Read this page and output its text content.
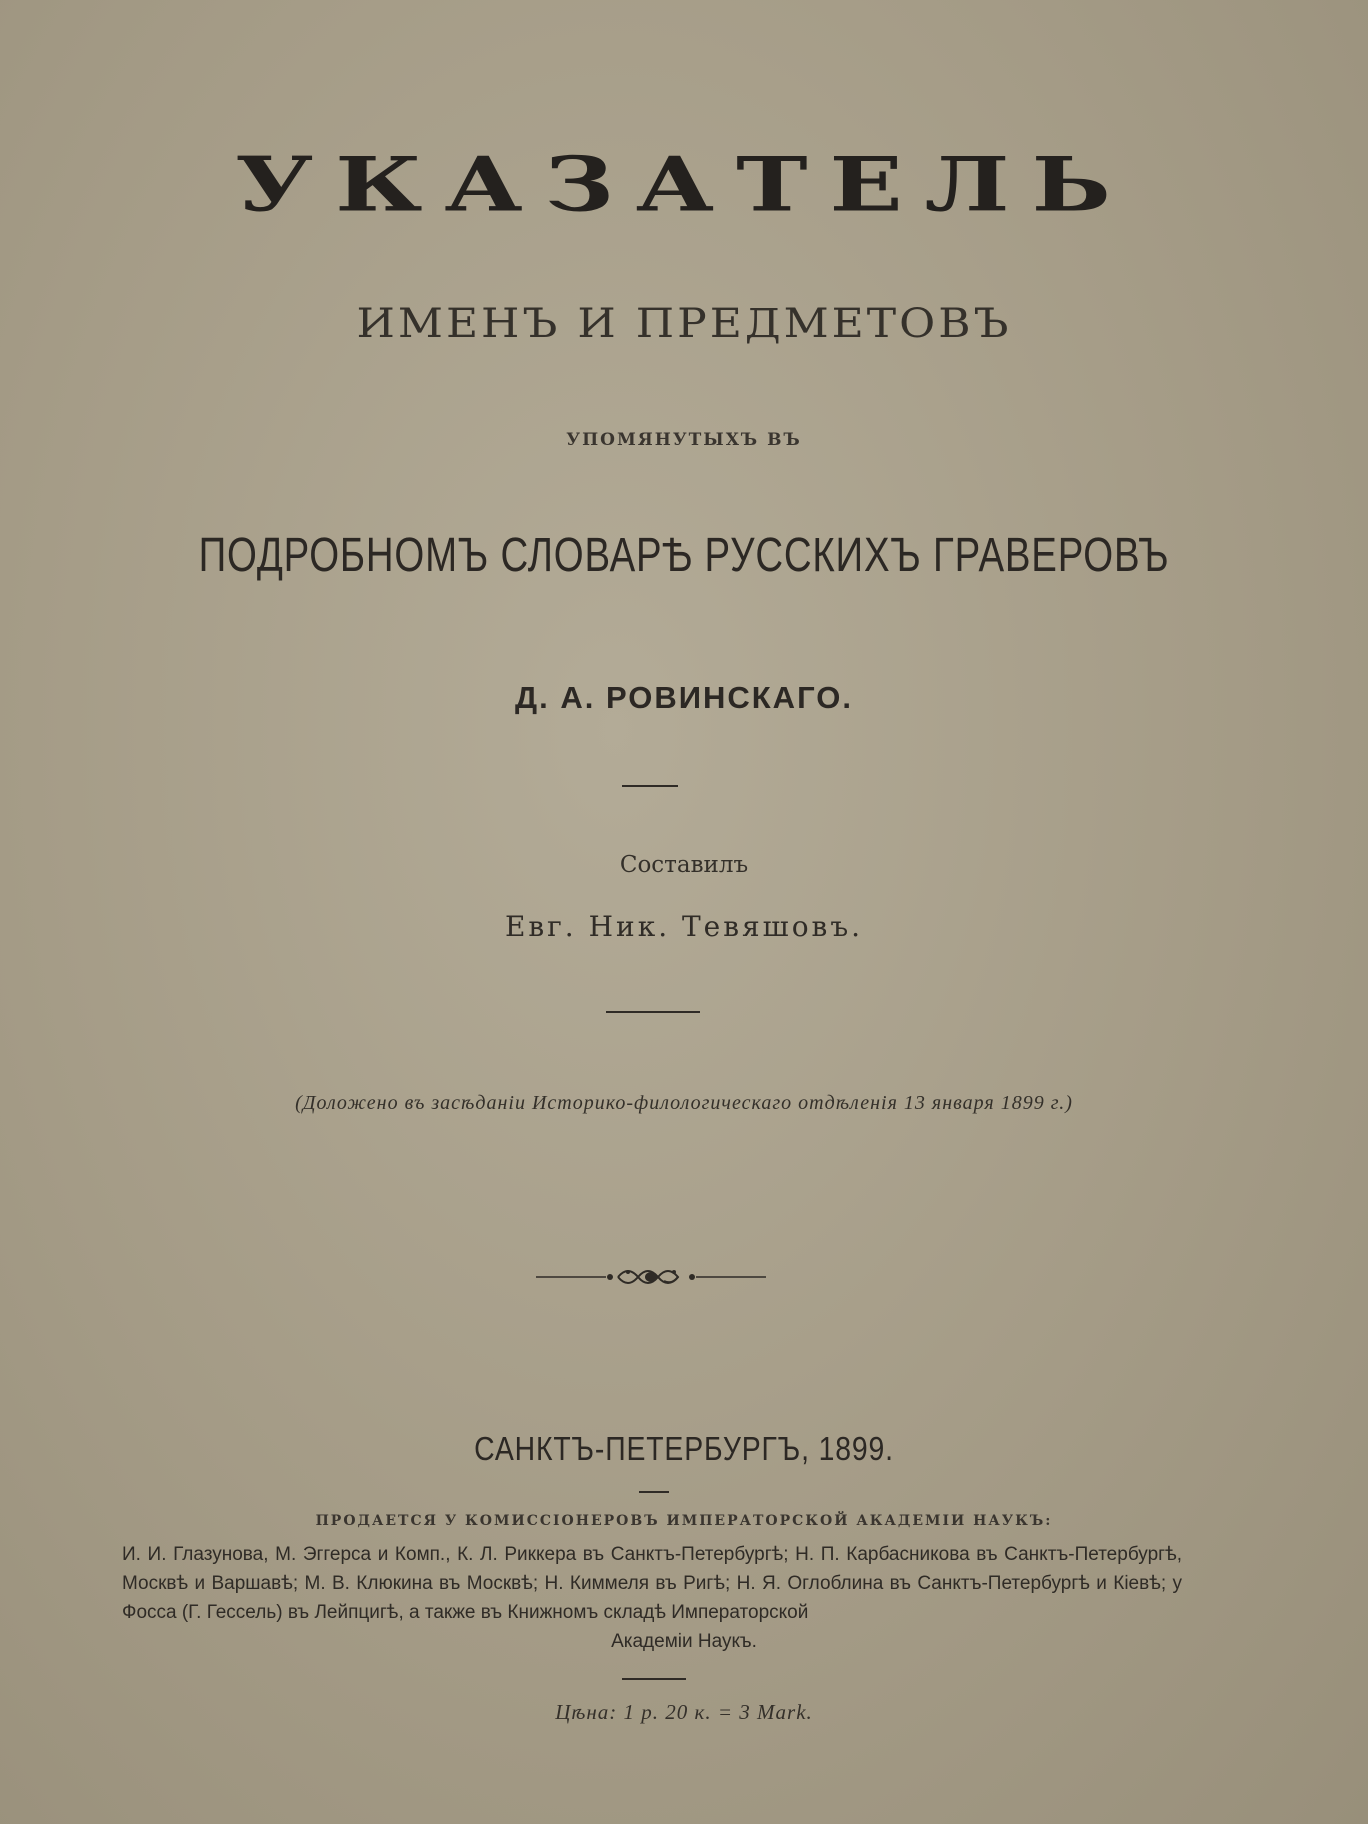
УКАЗАТЕЛЬ
ИМЕНЪ И ПРЕДМЕТОВЪ
УПОМЯНУТЫХЪ ВЪ
ПОДРОБНОМЪ СЛОВАРѢ РУССКИХЪ ГРАВЕРОВЪ
Д. А. РОВИНСКАГО.
Составилъ
Евг. Ник. Тевяшовъ.
(Доложено въ засѣданіи Историко-филологическаго отдѣленія 13 января 1899 г.)
САНКТЪ-ПЕТЕРБУРГЪ, 1899.
ПРОДАЕТСЯ У КОМИССІОНЕРОВЪ ИМПЕРАТОРСКОЙ АКАДЕМІИ НАУКЪ:
И. И. Глазунова, М. Эггерса и Комп., К. Л. Риккера въ Санктъ-Петербургѣ; Н. П. Карбасникова въ Санктъ-Петербургѣ, Москвѣ и Варшавѣ; М. В. Клюкина въ Москвѣ; Н. Киммеля въ Ригѣ; Н. Я. Оглоблина въ Санктъ-Петербургѣ и Кіевѣ; у Фосса (Г. Гессель) въ Лейпцигѣ, а также въ Книжномъ складѣ Императорской
Академіи Наукъ.
Цѣна: 1 р. 20 к. = 3 Mark.
